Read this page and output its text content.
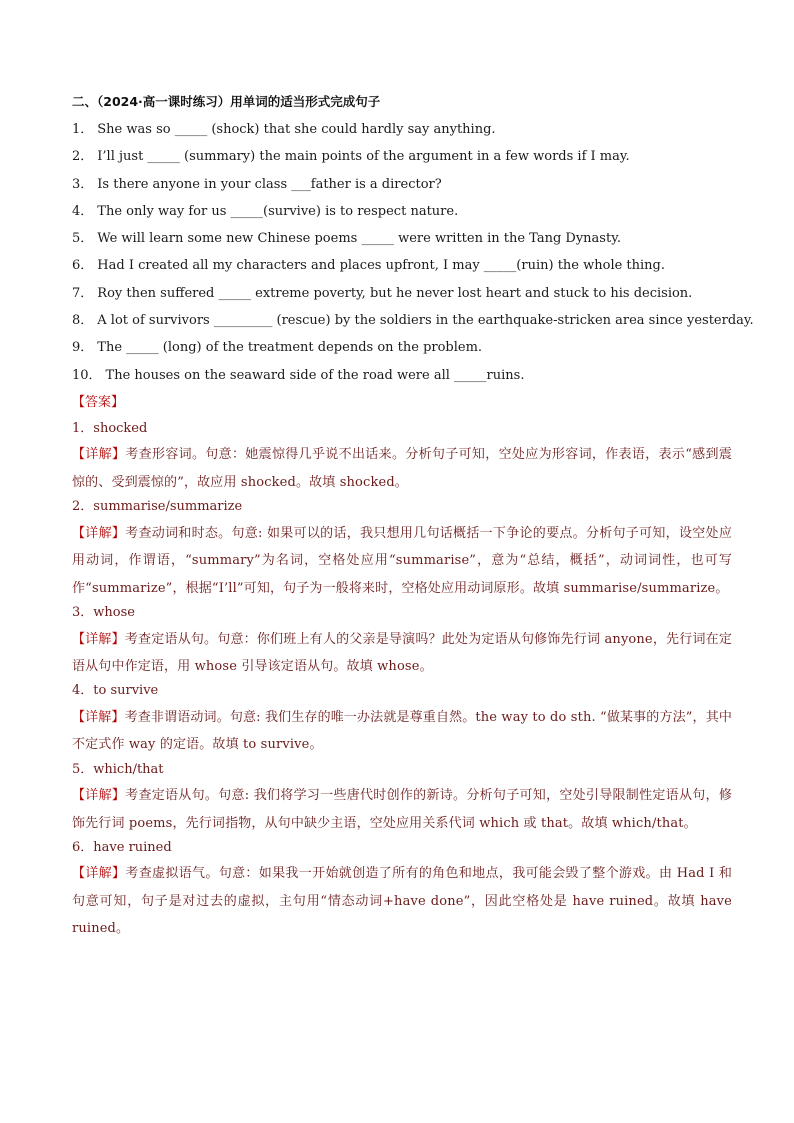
二、（2024·高一课时练习）用单词的适当形式完成句子
1． She was so _____ (shock) that she could hardly say anything.
2． I’ll just _____ (summary) the main points of the argument in a few words if I may.
3． Is there anyone in your class ___father is a director?
4． The only way for us _____(survive) is to respect nature.
5． We will learn some new Chinese poems _____ were written in the Tang Dynasty.
6． Had I created all my characters and places upfront, I may _____(ruin) the whole thing.
7． Roy then suffered _____ extreme poverty, but he never lost heart and stuck to his decision.
8． A lot of survivors _________ (rescue) by the soldiers in the earthquake-stricken area since yesterday.
9． The _____ (long) of the treatment depends on the problem.
10． The houses on the seaward side of the road were all _____ruins.
【答案】
1．shocked
【详解】考查形容词。句意：她震惊得几乎说不出话来。分析句子可知，空处应为形容词，作表语，表示“感到震惊的、受到震惊的”，故应用 shocked。故填 shocked。
2．summarise/summarize
【详解】考查动词和时态。句意: 如果可以的话，我只想用几句话概括一下争论的要点。分析句子可知，设空处应用动词，作谓语，“summary”为名词，空格处应用“summarise”，意为“总结，概括”，动词词性，也可写作“summarize”，根据“I’ll”可知，句子为一般将来时，空格处应用动词原形。故填 summarise/summarize。
3．whose
【详解】考查定语从句。句意：你们班上有人的父亲是导演吗？此处为定语从句修饰先行词 anyone，先行词在定语从句中作定语，用 whose 引导该定语从句。故填 whose。
4．to survive
【详解】考查非谓语动词。句意: 我们生存的唯一办法就是尊重自然。the way to do sth. “做某事的方法”，其中不定式作 way 的定语。故填 to survive。
5．which/that
【详解】考查定语从句。句意: 我们将学习一些唐代时创作的新诗。分析句子可知，空处引导限制性定语从句，修饰先行词 poems，先行词指物，从句中缺少主语，空处应用关系代词 which 或 that。故填 which/that。
6．have ruined
【详解】考查虚拟语气。句意：如果我一开始就创造了所有的角色和地点，我可能会毁了整个游戏。由 Had I 和句意可知，句子是对过去的虚拟，主句用“情态动词+have done”，因此空格处是 have ruined。故填 have ruined。
